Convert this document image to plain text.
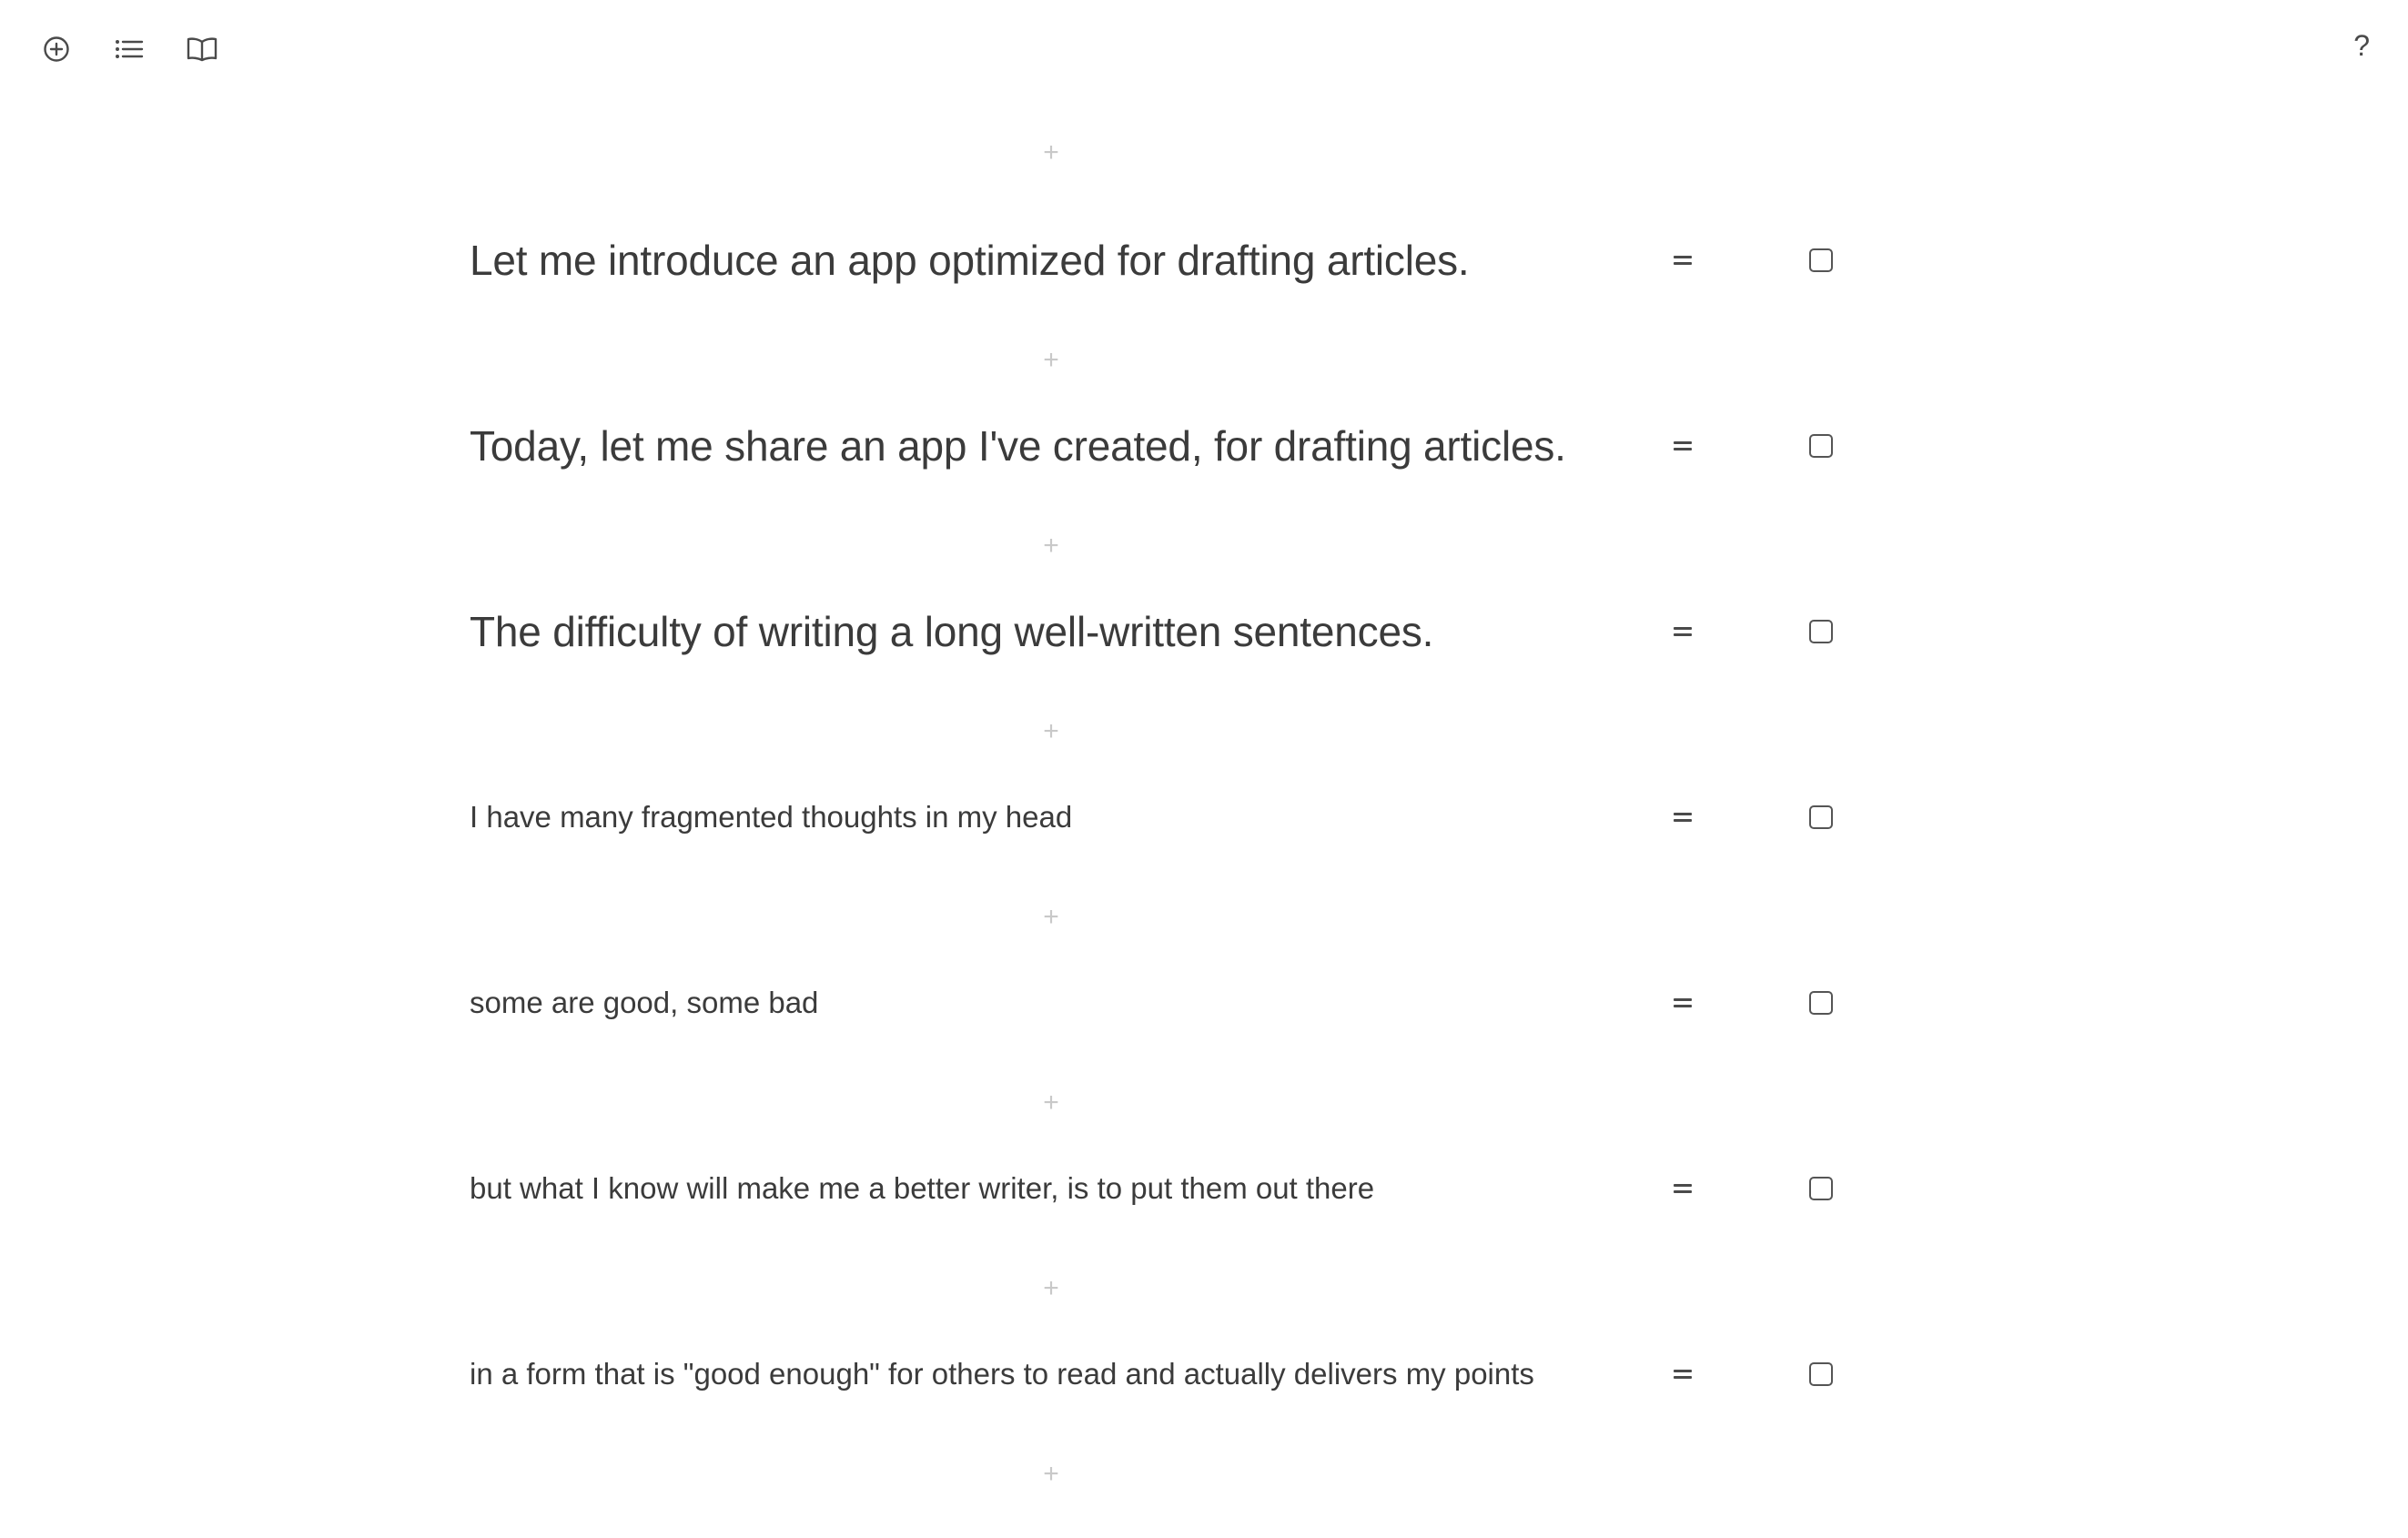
?
+
Let me introduce an app optimized for drafting articles.
+
Today, let me share an app I've created, for drafting articles.
+
The difficulty of writing a long well-written sentences.
+
I have many fragmented thoughts in my head
+
some are good, some bad
+
but what I know will make me a better writer, is to put them out there
+
in a form that is "good enough" for others to read and actually delivers my points
+
